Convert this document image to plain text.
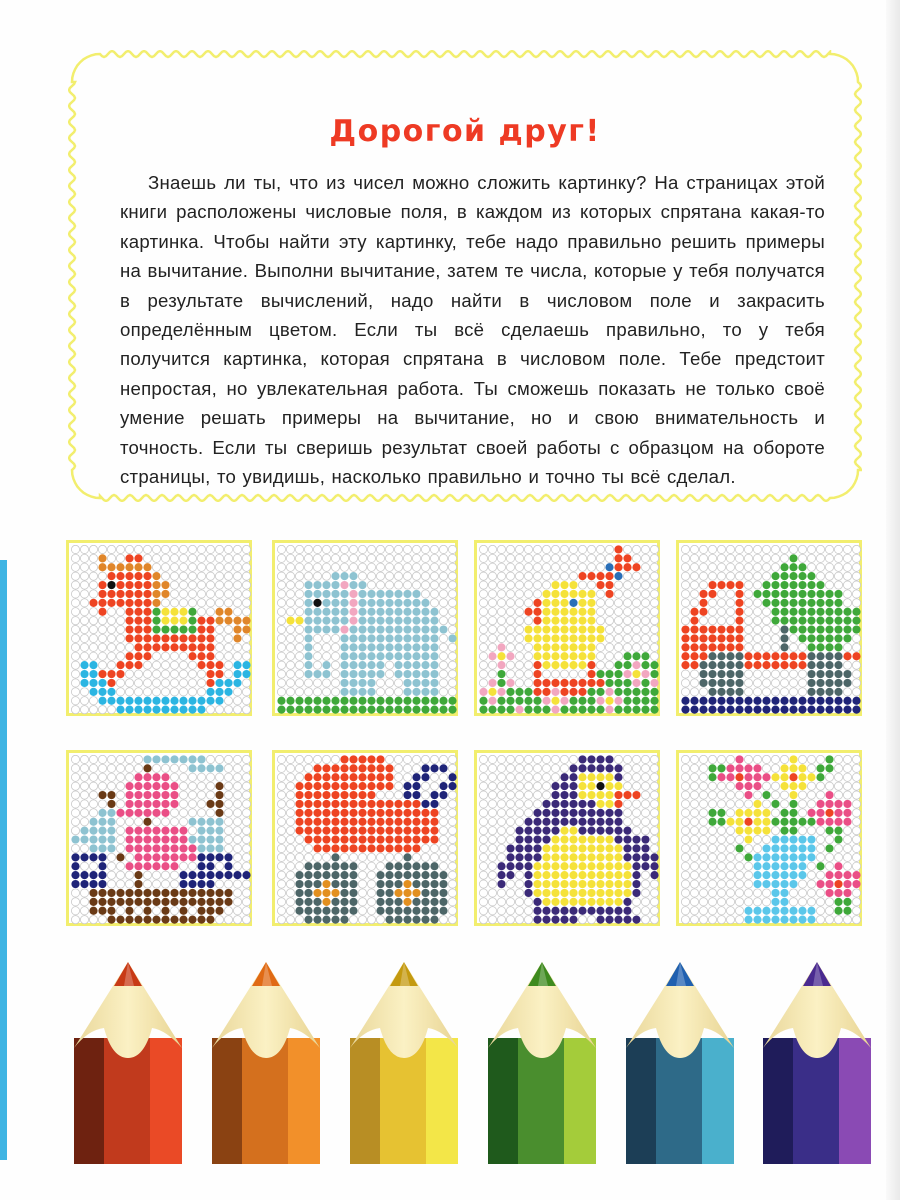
Дорогой друг!
Знаешь ли ты, что из чисел можно сложить картинку? На страницах этой книги расположены числовые поля, в каждом из которых спрятана какая-то картинка. Чтобы найти эту картинку, тебе надо правильно решить примеры на вычитание. Выполни вычитание, затем те числа, которые у тебя получатся в результате вычислений, надо найти в числовом поле и закрасить определённым цветом. Если ты всё сделаешь правильно, то у тебя получится картинка, которая спрятана в числовом поле. Тебе предстоит непростая, но увлекательная работа. Ты сможешь показать не только своё умение решать примеры на вычитание, но и свою внимательность и точность. Если ты сверишь результат своей работы с образцом на обороте страницы, то увидишь, насколько правильно и точно ты всё сделал.
